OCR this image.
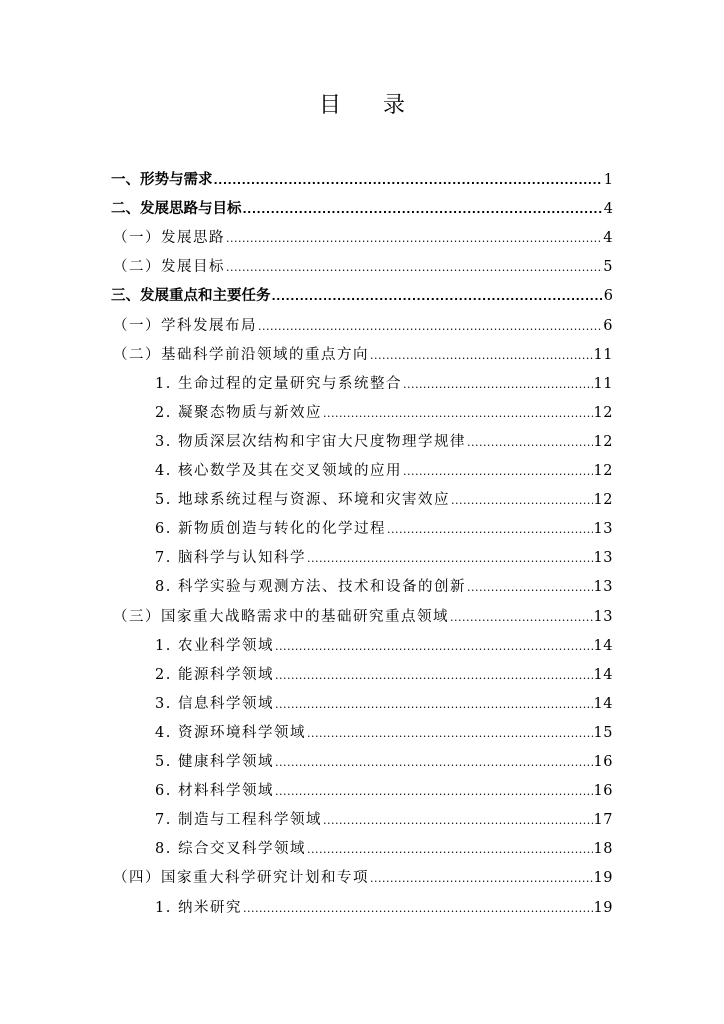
目 录
一、形势与需求 .....	1
二、发展思路与目标 .....	4
（一）发展思路 .....	4
（二）发展目标 .....	5
三、发展重点和主要任务 .....	6
（一）学科发展布局 .....	6
（二）基础科学前沿领域的重点方向 .....	11
1. 生命过程的定量研究与系统整合 .....	11
2. 凝聚态物质与新效应 .....	12
3. 物质深层次结构和宇宙大尺度物理学规律 .....	12
4. 核心数学及其在交叉领域的应用 .....	12
5. 地球系统过程与资源、环境和灾害效应 .....	12
6. 新物质创造与转化的化学过程 .....	13
7. 脑科学与认知科学 .....	13
8. 科学实验与观测方法、技术和设备的创新 .....	13
（三）国家重大战略需求中的基础研究重点领域 .....	13
1. 农业科学领域 .....	14
2. 能源科学领域 .....	14
3. 信息科学领域 .....	14
4. 资源环境科学领域 .....	15
5. 健康科学领域 .....	16
6. 材料科学领域 .....	16
7. 制造与工程科学领域 .....	17
8. 综合交叉科学领域 .....	18
（四）国家重大科学研究计划和专项 .....	19
1. 纳米研究 .....	19
